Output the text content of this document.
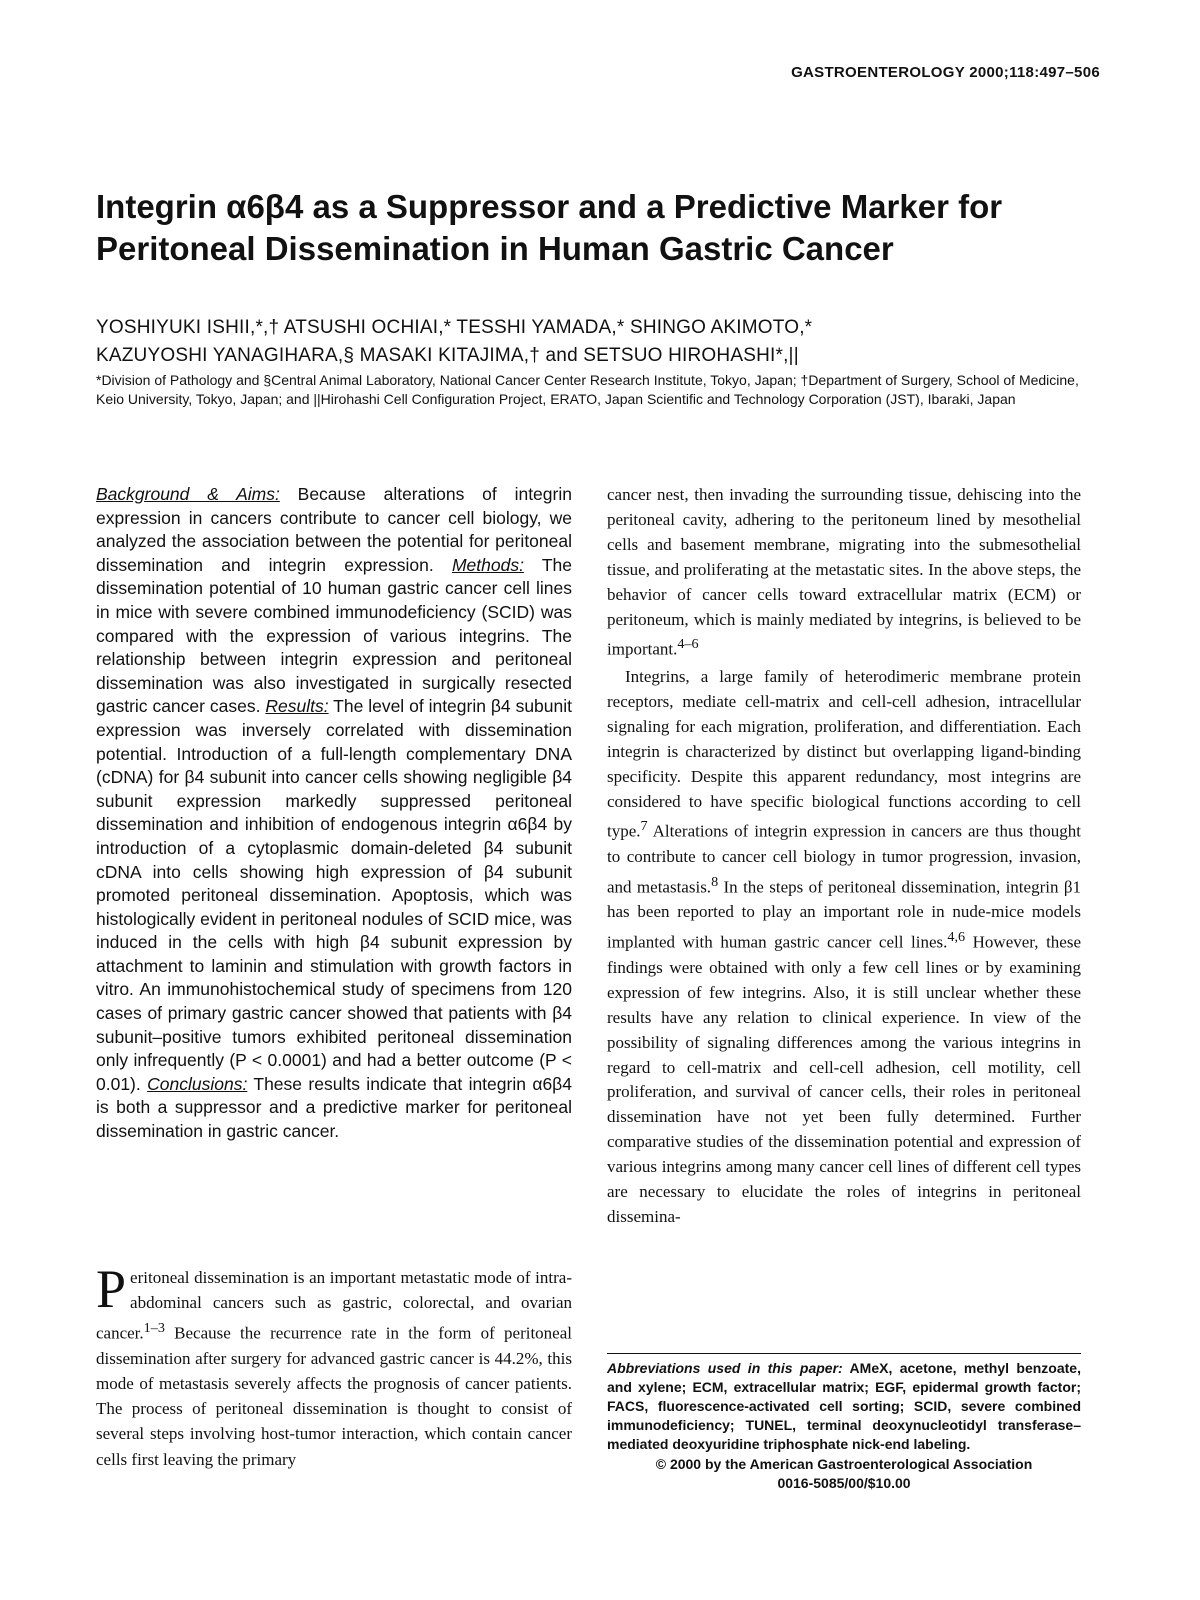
GASTROENTEROLOGY 2000;118:497–506
Integrin α6β4 as a Suppressor and a Predictive Marker for
Peritoneal Dissemination in Human Gastric Cancer
YOSHIYUKI ISHII,*,† ATSUSHI OCHIAI,* TESSHI YAMADA,* SHINGO AKIMOTO,*
KAZUYOSHI YANAGIHARA,§ MASAKI KITAJIMA,† and SETSUO HIROHASHI*,||
*Division of Pathology and §Central Animal Laboratory, National Cancer Center Research Institute, Tokyo, Japan; †Department of Surgery, School of Medicine, Keio University, Tokyo, Japan; and ||Hirohashi Cell Configuration Project, ERATO, Japan Scientific and Technology Corporation (JST), Ibaraki, Japan
Background & Aims: Because alterations of integrin expression in cancers contribute to cancer cell biology, we analyzed the association between the potential for peritoneal dissemination and integrin expression. Methods: The dissemination potential of 10 human gastric cancer cell lines in mice with severe combined immunodeficiency (SCID) was compared with the expression of various integrins. The relationship between integrin expression and peritoneal dissemination was also investigated in surgically resected gastric cancer cases. Results: The level of integrin β4 subunit expression was inversely correlated with dissemination potential. Introduction of a full-length complementary DNA (cDNA) for β4 subunit into cancer cells showing negligible β4 subunit expression markedly suppressed peritoneal dissemination and inhibition of endogenous integrin α6β4 by introduction of a cytoplasmic domain-deleted β4 subunit cDNA into cells showing high expression of β4 subunit promoted peritoneal dissemination. Apoptosis, which was histologically evident in peritoneal nodules of SCID mice, was induced in the cells with high β4 subunit expression by attachment to laminin and stimulation with growth factors in vitro. An immunohistochemical study of specimens from 120 cases of primary gastric cancer showed that patients with β4 subunit–positive tumors exhibited peritoneal dissemination only infrequently (P < 0.0001) and had a better outcome (P < 0.01). Conclusions: These results indicate that integrin α6β4 is both a suppressor and a predictive marker for peritoneal dissemination in gastric cancer.

Peritoneal dissemination is an important metastatic mode of intra-abdominal cancers such as gastric, colorectal, and ovarian cancer.$^{1-3}$ Because the recurrence rate in the form of peritoneal dissemination after surgery for advanced gastric cancer is 44.2%, this mode of metastasis severely affects the prognosis of cancer patients. The process of peritoneal dissemination is thought to consist of several steps involving host-tumor interaction, which contain cancer cells first leaving the primary

cancer nest, then invading the surrounding tissue, dehiscing into the peritoneal cavity, adhering to the peritoneum lined by mesothelial cells and basement membrane, migrating into the submesothelial tissue, and proliferating at the metastatic sites. In the above steps, the behavior of cancer cells toward extracellular matrix (ECM) or peritoneum, which is mainly mediated by integrins, is believed to be important.$^{4-6}$

Integrins, a large family of heterodimeric membrane protein receptors, mediate cell-matrix and cell-cell adhesion, intracellular signaling for each migration, proliferation, and differentiation. Each integrin is characterized by distinct but overlapping ligand-binding specificity. Despite this apparent redundancy, most integrins are considered to have specific biological functions according to cell type.$^7$ Alterations of integrin expression in cancers are thus thought to contribute to cancer cell biology in tumor progression, invasion, and metastasis.$^8$ In the steps of peritoneal dissemination, integrin β1 has been reported to play an important role in nude-mice models implanted with human gastric cancer cell lines.$^{4,6}$ However, these findings were obtained with only a few cell lines or by examining expression of few integrins. Also, it is still unclear whether these results have any relation to clinical experience. In view of the possibility of signaling differences among the various integrins in regard to cell-matrix and cell-cell adhesion, cell motility, cell proliferation, and survival of cancer cells, their roles in peritoneal dissemination have not yet been fully determined. Further comparative studies of the dissemination potential and expression of various integrins among many cancer cell lines of different cell types are necessary to elucidate the roles of integrins in peritoneal dissemina-

Abbreviations used in this paper: AMeX, acetone, methyl benzoate, and xylene; ECM, extracellular matrix; EGF, epidermal growth factor; FACS, fluorescence-activated cell sorting; SCID, severe combined immunodeficiency; TUNEL, terminal deoxynucleotidyl transferase–mediated deoxyuridine triphosphate nick-end labeling.

© 2000 by the American Gastroenterological Association

0016-5085/00/$10.00
